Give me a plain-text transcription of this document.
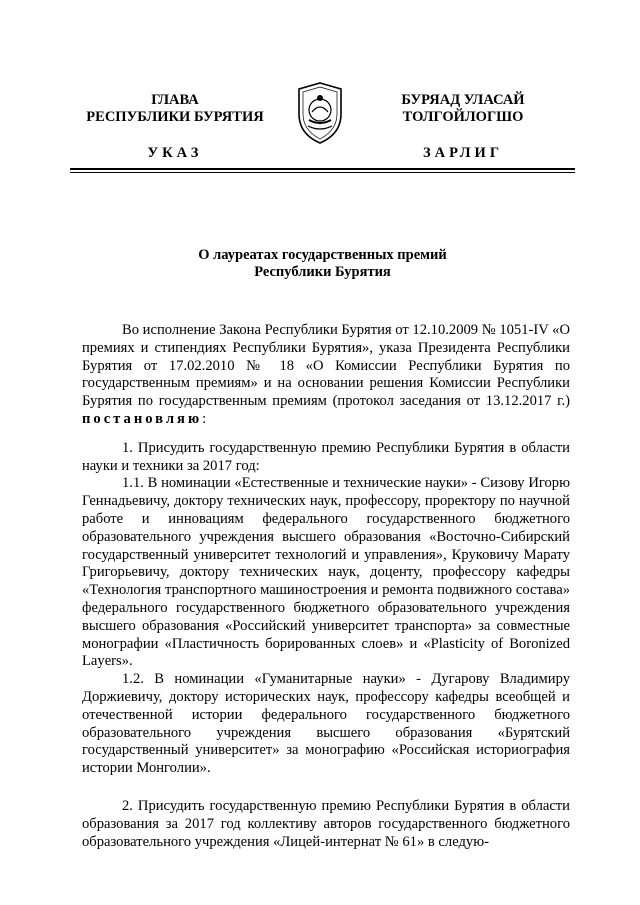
ГЛАВА
РЕСПУБЛИКИ БУРЯТИЯ
БУРЯАД УЛАСАЙ
ТОЛГОЙЛОГШО
УКАЗ	ЗАРЛИГ
О лауреатах государственных премий
Республики Бурятия

Во исполнение Закона Республики Бурятия от 12.10.2009 № 1051-IV «О премиях и стипендиях Республики Бурятия», указа Президента Республики Бурятия от 17.02.2010 № 18 «О Комиссии Республики Бурятия по государственным премиям» и на основании решения Комиссии Республики Бурятия по государственным премиям (протокол заседания от 13.12.2017 г.) постановляю:

1. Присудить государственную премию Республики Бурятия в области науки и техники за 2017 год:

1.1. В номинации «Естественные и технические науки» - Сизову Игорю Геннадьевичу, доктору технических наук, профессору, проректору по научной работе и инновациям федерального государственного бюджетного образовательного учреждения высшего образования «Восточно-Сибирский государственный университет технологий и управления», Круковичу Марату Григорьевичу, доктору технических наук, доценту, профессору кафедры «Технология транспортного машиностроения и ремонта подвижного состава» федерального государственного бюджетного образовательного учреждения высшего образования «Российский университет транспорта» за совместные монографии «Пластичность борированных слоев» и «Plasticity of Boronized Layers».

1.2. В номинации «Гуманитарные науки» - Дугарову Владимиру Доржиевичу, доктору исторических наук, профессору кафедры всеобщей и отечественной истории федерального государственного бюджетного образовательного учреждения высшего образования «Бурятский государственный университет» за монографию «Российская историография истории Монголии».

2. Присудить государственную премию Республики Бурятия в области образования за 2017 год коллективу авторов государственного бюджетного образовательного учреждения «Лицей-интернат № 61» в следую-
